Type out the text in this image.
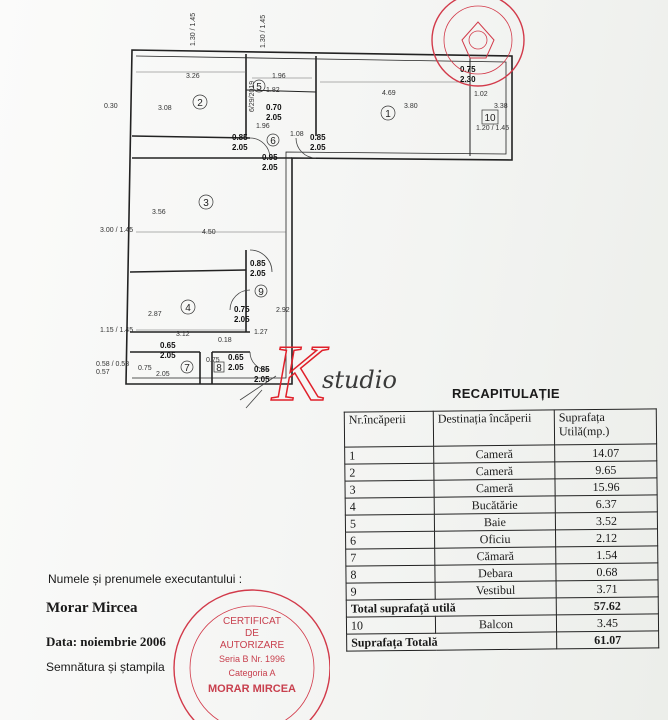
1
2
3
4
5
6
7	8
9
10
3.26
3.08
4.69
3.80
4.50
3.56
3.12
2.87
1.96
1.82
1.96
0.75
1.27
2.92
1.02
3.38
0.85
2.05
0.85
2.05
0.95
2.05
0.70
2.05
0.85
2.05
0.75
2.05
0.65
2.05	0.65
2.05 0.85
2.05
0.75
2.30
1.30 / 1.45	1.30 / 1.45
3.00 / 1.45
1.15 / 1.45
0.58 / 0.58
1.20 / 1.45
0.30
1.08
0.18
0.75
2.05
0.57
6/29/2019
K
studio	RECAPITULAȚIE
Nr.încăperii	Destinația încăperii	Suprafața Utilă(mp.)
1	Cameră	14.07
2	Cameră	9.65
3	Cameră	15.96
4	Bucătărie	6.37
5	Baie	3.52
6	Oficiu	2.12
7	Cămară	1.54
8	Debara	0.68
9	Vestibul	3.71
Total suprafață utilă		57.62
10	Balcon	3.45
Suprafața Totală		61.07
Numele și prenumele executantului :
Morar Mircea
Data: noiembrie 2006
Semnătura și ștampila
CERTIFICAT
DE
AUTORIZARE
Seria B Nr. 1996
Categoria A
MORAR MIRCEA
